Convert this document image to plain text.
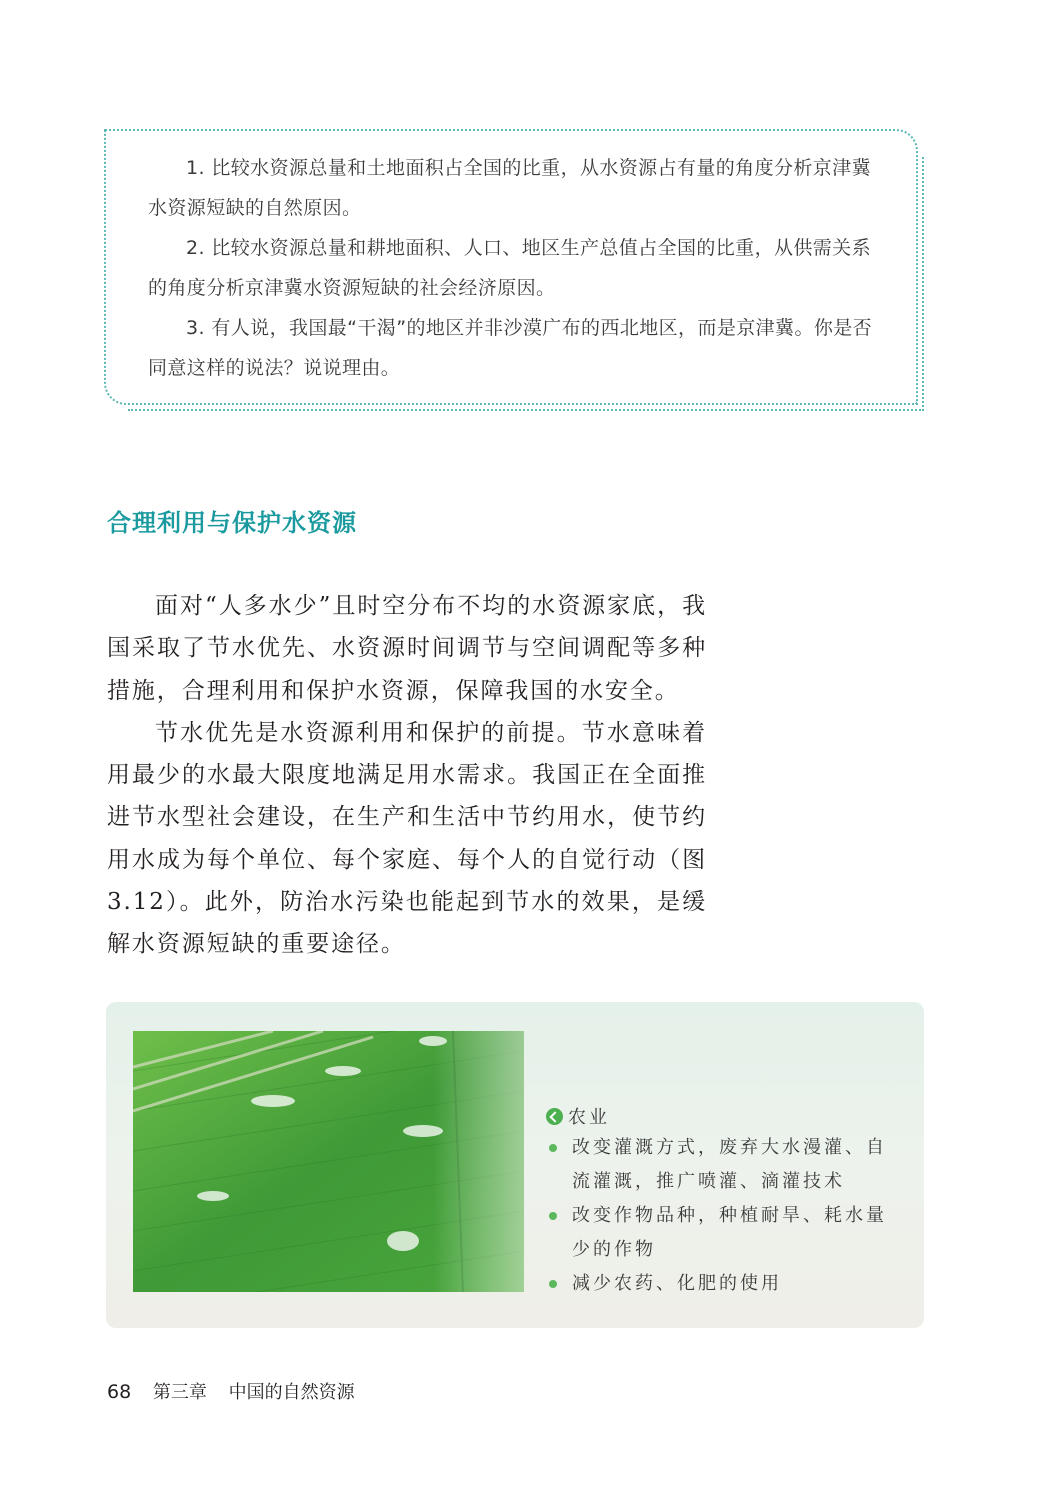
1. 比较水资源总量和土地面积占全国的比重，从水资源占有量的角度分析京津冀水资源短缺的自然原因。
2. 比较水资源总量和耕地面积、人口、地区生产总值占全国的比重，从供需关系的角度分析京津冀水资源短缺的社会经济原因。
3. 有人说，我国最“干渴”的地区并非沙漠广布的西北地区，而是京津冀。你是否同意这样的说法？说说理由。
合理利用与保护水资源

面对“人多水少”且时空分布不均的水资源家底，我国采取了节水优先、水资源时间调节与空间调配等多种措施，合理利用和保护水资源，保障我国的水安全。

节水优先是水资源利用和保护的前提。节水意味着用最少的水最大限度地满足用水需求。我国正在全面推进节水型社会建设，在生产和生活中节约用水，使节约用水成为每个单位、每个家庭、每个人的自觉行动（图3.12）。此外，防治水污染也能起到节水的效果，是缓解水资源短缺的重要途径。

农业
改变灌溉方式，废弃大水漫灌、自流灌溉，推广喷灌、滴灌技术
改变作物品种，种植耐旱、耗水量少的作物
减少农药、化肥的使用
68 第三章 中国的自然资源
